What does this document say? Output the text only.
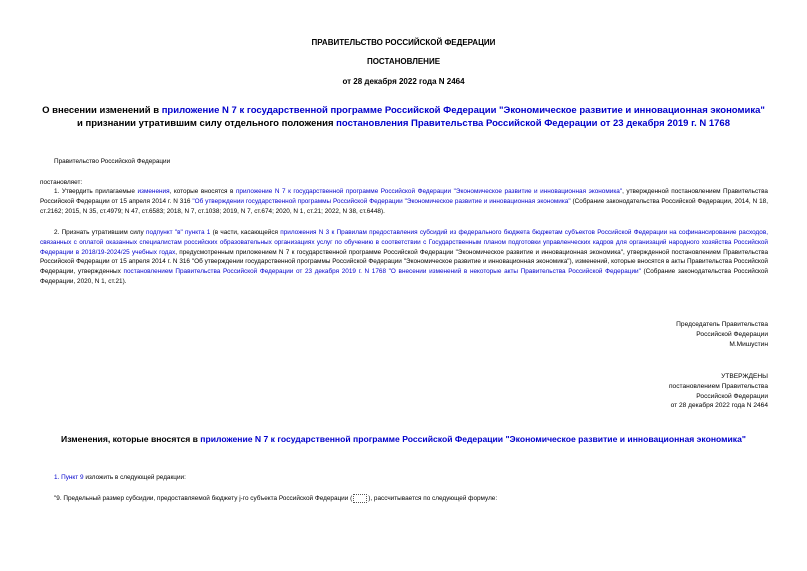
ПРАВИТЕЛЬСТВО РОССИЙСКОЙ ФЕДЕРАЦИИ
ПОСТАНОВЛЕНИЕ
от 28 декабря 2022 года N 2464
О внесении изменений в приложение N 7 к государственной программе Российской Федерации "Экономическое развитие и инновационная экономика" и признании утратившим силу отдельного положения постановления Правительства Российской Федерации от 23 декабря 2019 г. N 1768
Правительство Российской Федерации
постановляет:
1. Утвердить прилагаемые изменения, которые вносятся в приложение N 7 к государственной программе Российской Федерации "Экономическое развитие и инновационная экономика", утвержденной постановлением Правительства Российской Федерации от 15 апреля 2014 г. N 316 "Об утверждении государственной программы Российской Федерации "Экономическое развитие и инновационная экономика" (Собрание законодательства Российской Федерации, 2014, N 18, ст.2162; 2015, N 35, ст.4979; N 47, ст.6583; 2018, N 7, ст.1038; 2019, N 7, ст.674; 2020, N 1, ст.21; 2022, N 38, ст.6448).
2. Признать утратившим силу подпункт "в" пункта 1 (в части, касающейся приложения N 3 к Правилам предоставления субсидий из федерального бюджета бюджетам субъектов Российской Федерации на софинансирование расходов, связанных с оплатой оказанных специалистам российских образовательных организациях услуг по обучению в соответствии с Государственным планом подготовки управленческих кадров для организаций народного хозяйства Российской Федерации в 2018/19-2024/25 учебных годах, предусмотренным приложением N 7 к государственной программе Российской Федерации "Экономическое развитие и инновационная экономика", утвержденной постановлением Правительства Российской Федерации от 15 апреля 2014 г. N 316 "Об утверждении государственной программы Российской Федерации "Экономическое развитие и инновационная экономика"), изменений, которые вносятся в акты Правительства Российской Федерации, утвержденных постановлением Правительства Российской Федерации от 23 декабря 2019 г. N 1768 "О внесении изменений в некоторые акты Правительства Российской Федерации" (Собрание законодательства Российской Федерации, 2020, N 1, ст.21).
Председатель Правительства
Российской Федерации
М.Мишустин
УТВЕРЖДЕНЫ
постановлением Правительства
Российской Федерации
от 28 декабря 2022 года N 2464
Изменения, которые вносятся в приложение N 7 к государственной программе Российской Федерации "Экономическое развитие и инновационная экономика"
1. Пункт 9 изложить в следующей редакции:
"9. Предельный размер субсидии, предоставляемой бюджету j-го субъекта Российской Федерации (	), рассчитывается по следующей формуле:
